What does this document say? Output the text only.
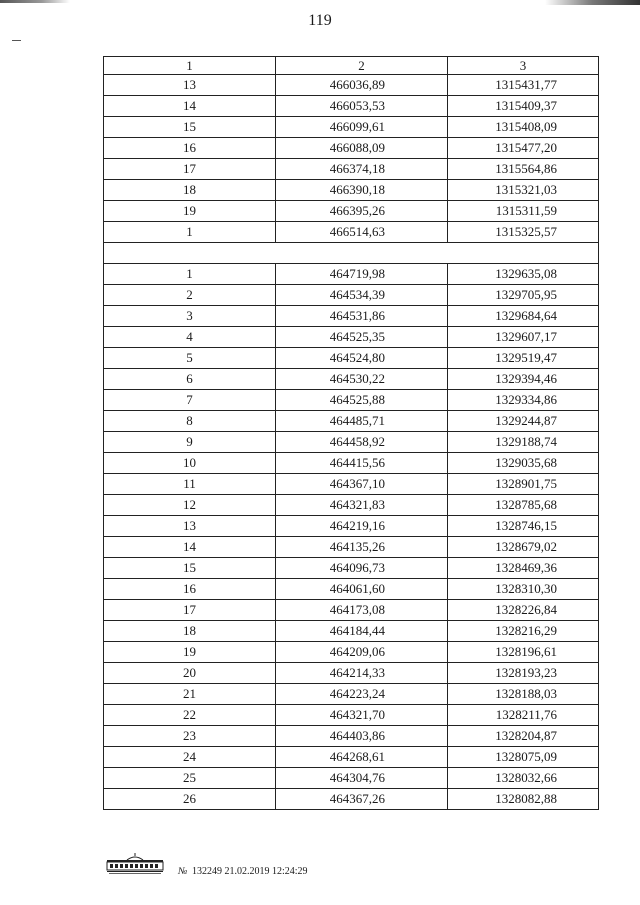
119
1	2	3
13	466036,89	1315431,77
14	466053,53	1315409,37
15	466099,61	1315408,09
16	466088,09	1315477,20
17	466374,18	1315564,86
18	466390,18	1315321,03
19	466395,26	1315311,59
1	466514,63	1315325,57

1	464719,98	1329635,08
2	464534,39	1329705,95
3	464531,86	1329684,64
4	464525,35	1329607,17
5	464524,80	1329519,47
6	464530,22	1329394,46
7	464525,88	1329334,86
8	464485,71	1329244,87
9	464458,92	1329188,74
10	464415,56	1329035,68
11	464367,10	1328901,75
12	464321,83	1328785,68
13	464219,16	1328746,15
14	464135,26	1328679,02
15	464096,73	1328469,36
16	464061,60	1328310,30
17	464173,08	1328226,84
18	464184,44	1328216,29
19	464209,06	1328196,61
20	464214,33	1328193,23
21	464223,24	1328188,03
22	464321,70	1328211,76
23	464403,86	1328204,87
24	464268,61	1328075,09
25	464304,76	1328032,66
26	464367,26	1328082,88
№ 132249 21.02.2019 12:24:29
